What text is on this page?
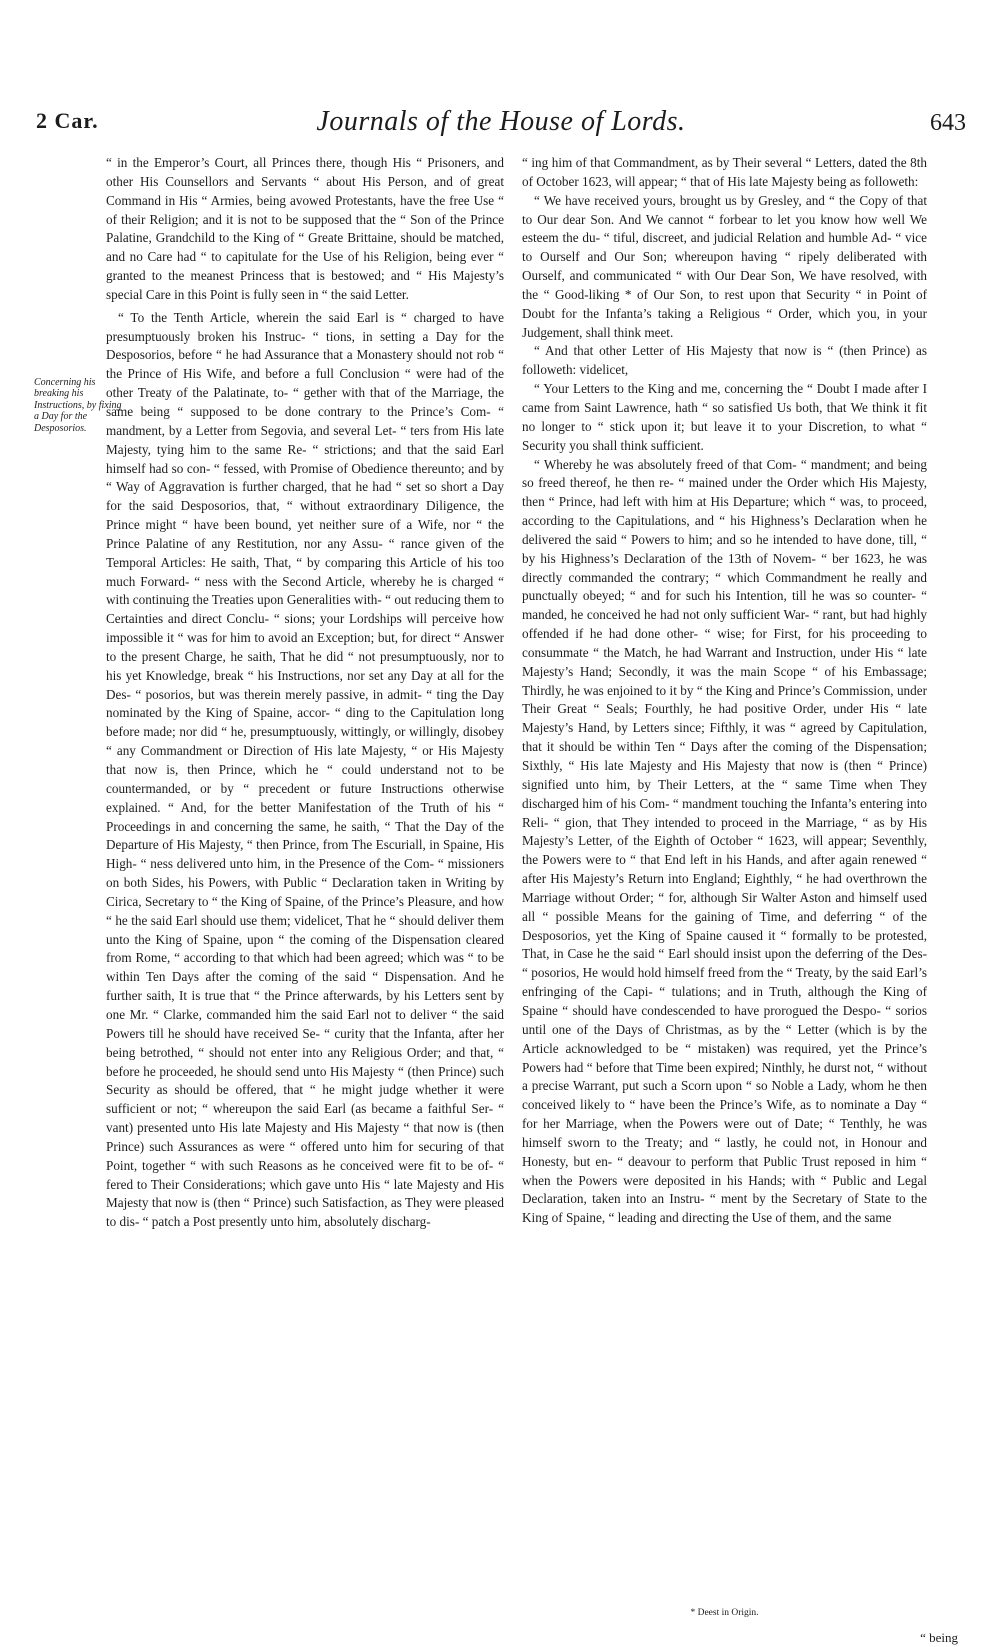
2 Car.	Journals of the House of Lords.	643
Concerning his breaking his Instructions, by fixing a Day for the Desposorios.

“ in the Emperor’s Court, all Princes there, though His “ Prisoners, and other His Counsellors and Servants “ about His Person, and of great Command in His “ Armies, being avowed Protestants, have the free Use “ of their Religion; and it is not to be supposed that the “ Son of the Prince Palatine, Grandchild to the King of “ Greate Brittaine, should be matched, and no Care had “ to capitulate for the Use of his Religion, being ever “ granted to the meanest Princess that is bestowed; and “ His Majesty’s special Care in this Point is fully seen in “ the said Letter.

“ To the Tenth Article, wherein the said Earl is “ charged to have presumptuously broken his Instruc- “ tions, in setting a Day for the Desposorios, before “ he had Assurance that a Monastery should not rob “ the Prince of His Wife, and before a full Conclusion “ were had of the other Treaty of the Palatinate, to- “ gether with that of the Marriage, the same being “ supposed to be done contrary to the Prince’s Com- “ mandment, by a Letter from Segovia, and several Let- “ ters from His late Majesty, tying him to the same Re- “ strictions; and that the said Earl himself had so con- “ fessed, with Promise of Obedience thereunto; and by “ Way of Aggravation is further charged, that he had “ set so short a Day for the said Desposorios, that, “ without extraordinary Diligence, the Prince might “ have been bound, yet neither sure of a Wife, nor “ the Prince Palatine of any Restitution, nor any Assu- “ rance given of the Temporal Articles: He saith, That, “ by comparing this Article of his too much Forward- “ ness with the Second Article, whereby he is charged “ with continuing the Treaties upon Generalities with- “ out reducing them to Certainties and direct Conclu- “ sions; your Lordships will perceive how impossible it “ was for him to avoid an Exception; but, for direct “ Answer to the present Charge, he saith, That he did “ not presumptuously, nor to his yet Knowledge, break “ his Instructions, nor set any Day at all for the Des- “ posorios, but was therein merely passive, in admit- “ ting the Day nominated by the King of Spaine, accor- “ ding to the Capitulation long before made; nor did “ he, presumptuously, wittingly, or willingly, disobey “ any Commandment or Direction of His late Majesty, “ or His Majesty that now is, then Prince, which he “ could understand not to be countermanded, or by “ precedent or future Instructions otherwise explained. “ And, for the better Manifestation of the Truth of his “ Proceedings in and concerning the same, he saith, “ That the Day of the Departure of His Majesty, “ then Prince, from The Escuriall, in Spaine, His High- “ ness delivered unto him, in the Presence of the Com- “ missioners on both Sides, his Powers, with Public “ Declaration taken in Writing by Cirica, Secretary to “ the King of Spaine, of the Prince’s Pleasure, and how “ he the said Earl should use them; videlicet, That he “ should deliver them unto the King of Spaine, upon “ the coming of the Dispensation cleared from Rome, “ according to that which had been agreed; which was “ to be within Ten Days after the coming of the said “ Dispensation. And he further saith, It is true that “ the Prince afterwards, by his Letters sent by one Mr. “ Clarke, commanded him the said Earl not to deliver “ the said Powers till he should have received Se- “ curity that the Infanta, after her being betrothed, “ should not enter into any Religious Order; and that, “ before he proceeded, he should send unto His Majesty “ (then Prince) such Security as should be offered, that “ he might judge whether it were sufficient or not; “ whereupon the said Earl (as became a faithful Ser- “ vant) presented unto His late Majesty and His Majesty “ that now is (then Prince) such Assurances as were “ offered unto him for securing of that Point, together “ with such Reasons as he conceived were fit to be of- “ fered to Their Considerations; which gave unto His “ late Majesty and His Majesty that now is (then “ Prince) such Satisfaction, as They were pleased to dis- “ patch a Post presently unto him, absolutely discharg-

“ ing him of that Commandment, as by Their several “ Letters, dated the 8th of October 1623, will appear; “ that of His late Majesty being as followeth:

“ We have received yours, brought us by Gresley, and “ the Copy of that to Our dear Son. And We cannot “ forbear to let you know how well We esteem the du- “ tiful, discreet, and judicial Relation and humble Ad- “ vice to Ourself and Our Son; whereupon having “ ripely deliberated with Ourself, and communicated “ with Our Dear Son, We have resolved, with the “ Good-liking * of Our Son, to rest upon that Security “ in Point of Doubt for the Infanta’s taking a Religious “ Order, which you, in your Judgement, shall think meet.

“ And that other Letter of His Majesty that now is “ (then Prince) as followeth: videlicet,

“ Your Letters to the King and me, concerning the “ Doubt I made after I came from Saint Lawrence, hath “ so satisfied Us both, that We think it fit no longer to “ stick upon it; but leave it to your Discretion, to what “ Security you shall think sufficient.

“ Whereby he was absolutely freed of that Com- “ mandment; and being so freed thereof, he then re- “ mained under the Order which His Majesty, then “ Prince, had left with him at His Departure; which “ was, to proceed, according to the Capitulations, and “ his Highness’s Declaration when he delivered the said “ Powers to him; and so he intended to have done, till, “ by his Highness’s Declaration of the 13th of Novem- “ ber 1623, he was directly commanded the contrary; “ which Commandment he really and punctually obeyed; “ and for such his Intention, till he was so counter- “ manded, he conceived he had not only sufficient War- “ rant, but had highly offended if he had done other- “ wise; for First, for his proceeding to consummate “ the Match, he had Warrant and Instruction, under His “ late Majesty’s Hand; Secondly, it was the main Scope “ of his Embassage; Thirdly, he was enjoined to it by “ the King and Prince’s Commission, under Their Great “ Seals; Fourthly, he had positive Order, under His “ late Majesty’s Hand, by Letters since; Fifthly, it was “ agreed by Capitulation, that it should be within Ten “ Days after the coming of the Dispensation; Sixthly, “ His late Majesty and His Majesty that now is (then “ Prince) signified unto him, by Their Letters, at the “ same Time when They discharged him of his Com- “ mandment touching the Infanta’s entering into Reli- “ gion, that They intended to proceed in the Marriage, “ as by His Majesty’s Letter, of the Eighth of October “ 1623, will appear; Seventhly, the Powers were to “ that End left in his Hands, and after again renewed “ after His Majesty’s Return into England; Eighthly, “ he had overthrown the Marriage without Order; “ for, although Sir Walter Aston and himself used all “ possible Means for the gaining of Time, and deferring “ of the Desposorios, yet the King of Spaine caused it “ formally to be protested, That, in Case he the said “ Earl should insist upon the deferring of the Des- “ posorios, He would hold himself freed from the “ Treaty, by the said Earl’s enfringing of the Capi- “ tulations; and in Truth, although the King of Spaine “ should have condescended to have prorogued the Despo- “ sorios until one of the Days of Christmas, as by the “ Letter (which is by the Article acknowledged to be “ mistaken) was required, yet the Prince’s Powers had “ before that Time been expired; Ninthly, he durst not, “ without a precise Warrant, put such a Scorn upon “ so Noble a Lady, whom he then conceived likely to “ have been the Prince’s Wife, as to nominate a Day “ for her Marriage, when the Powers were out of Date; “ Tenthly, he was himself sworn to the Treaty; and “ lastly, he could not, in Honour and Honesty, but en- “ deavour to perform that Public Trust reposed in him “ when the Powers were deposited in his Hands; with “ Public and Legal Declaration, taken into an Instru- “ ment by the Secretary of State to the King of Spaine, “ leading and directing the Use of them, and the same

* Deest in Origin.
“ being
